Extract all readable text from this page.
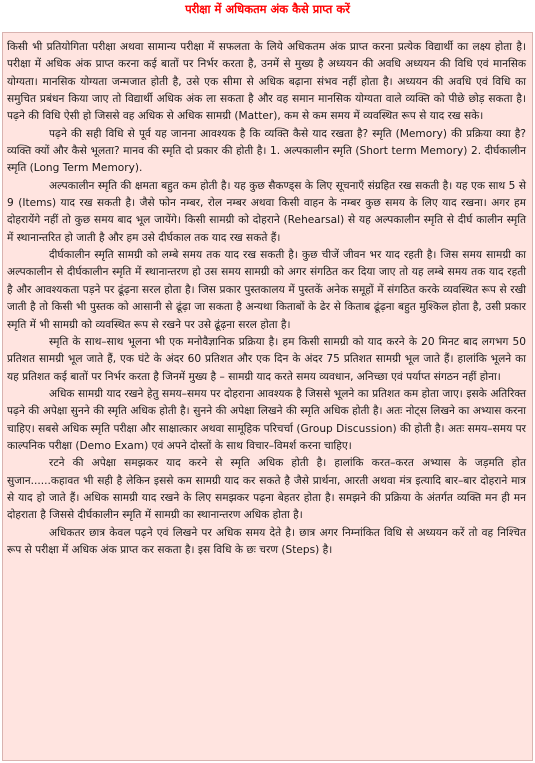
परीक्षा में अधिकतम अंक कैसे प्राप्त करें

किसी भी प्रतियोगिता परीक्षा अथवा सामान्य परीक्षा में सफलता के लिये अधिकतम अंक प्राप्त करना प्रत्येक विद्यार्थी का लक्ष्य होता है। परीक्षा में अधिक अंक प्राप्त करना कई बातों पर निर्भर करता है, उनमें से मुख्य है अध्ययन की अवधि अध्ययन की विधि एवं मानसिक योग्यता। मानसिक योग्यता जन्मजात होती है, उसे एक सीमा से अधिक बढ़ाना संभव नहीं होता है। अध्ययन की अवधि एवं विधि का समुचित प्रबंधन किया जाए तो विद्यार्थी अधिक अंक ला सकता है और वह समान मानसिक योग्यता वाले व्यक्ति को पीछे छोड़ सकता है। पढ़ने की विधि ऐसी हो जिससे वह अधिक से अधिक सामग्री (Matter), कम से कम समय में व्यवस्थित रूप से याद रख सके।

पढ़ने की सही विधि से पूर्व यह जानना आवश्यक है कि व्यक्ति कैसे याद रखता है? स्मृति (Memory) की प्रक्रिया क्या है? व्यक्ति क्यों और कैसे भूलता? मानव की स्मृति दो प्रकार की होती है। 1. अल्पकालीन स्मृति (Short term Memory) 2. दीर्घकालीन स्मृति (Long Term Memory).

अल्पकालीन स्मृति की क्षमता बहुत कम होती है। यह कुछ सैकण्ड्स के लिए सूचनाएँ संग्रहित रख सकती है। यह एक साथ 5 से 9 (Items) याद रख सकती है। जैसे फोन नम्बर, रोल नम्बर अथवा किसी वाहन के नम्बर कुछ समय के लिए याद रखना। अगर हम दोहरायेंगे नहीं तो कुछ समय बाद भूल जायेंगे। किसी सामग्री को दोहराने (Rehearsal) से यह अल्पकालीन स्मृति से दीर्घ कालीन स्मृति में स्थानान्तरित हो जाती है और हम उसे दीर्घकाल तक याद रख सकते हैं।

दीर्घकालीन स्मृति सामग्री को लम्बे समय तक याद रख सकती है। कुछ चीजें जीवन भर याद रहती है। जिस समय सामग्री का अल्पकालीन से दीर्घकालीन स्मृति में स्थानान्तरण हो उस समय सामग्री को अगर संगठित कर दिया जाए तो यह लम्बे समय तक याद रहती है और आवश्यकता पड़ने पर ढूंढ़ना सरल होता है। जिस प्रकार पुस्तकालय में पुस्तकें अनेक समूहों में संगठित करके व्यवस्थित रूप से रखी जाती है तो किसी भी पुस्तक को आसानी से ढूंढ़ा जा सकता है अन्यथा किताबों के ढेर से किताब ढूंढ़ना बहुत मुश्किल होता है, उसी प्रकार स्मृति में भी सामग्री को व्यवस्थित रूप से रखने पर उसे ढूंढ़ना सरल होता है।

स्मृति के साथ–साथ भूलना भी एक मनोवैज्ञानिक प्रक्रिया है। हम किसी सामग्री को याद करने के 20 मिनट बाद लगभग 50 प्रतिशत सामग्री भूल जाते हैं, एक घंटे के अंदर 60 प्रतिशत और एक दिन के अंदर 75 प्रतिशत सामग्री भूल जाते हैं। हालांकि भूलने का यह प्रतिशत कई बातों पर निर्भर करता है जिनमें मुख्य है – सामग्री याद करते समय व्यवधान, अनिच्छा एवं पर्याप्त संगठन नहीं होना।

अधिक सामग्री याद रखने हेतु समय–समय पर दोहराना आवश्यक है जिससे भूलने का प्रतिशत कम होता जाए। इसके अतिरिक्त पढ़ने की अपेक्षा सुनने की स्मृति अधिक होती है। सुनने की अपेक्षा लिखने की स्मृति अधिक होती है। अतः नोट्स लिखने का अभ्यास करना चाहिए। सबसे अधिक स्मृति परीक्षा और साक्षात्कार अथवा सामूहिक परिचर्चा (Group Discussion) की होती है। अतः समय–समय पर काल्पनिक परीक्षा (Demo Exam) एवं अपने दोस्तों के साथ विचार–विमर्श करना चाहिए।

रटने की अपेक्षा समझकर याद करने से स्मृति अधिक होती है। हालांकि करत–करत अभ्यास के जड़मति होत सुजान......कहावत भी सही है लेकिन इससे कम सामग्री याद कर सकते है जैसे प्रार्थना, आरती अथवा मंत्र इत्यादि बार–बार दोहराने मात्र से याद हो जाते हैं। अधिक सामग्री याद रखने के लिए समझकर पढ़ना बेहतर होता है। समझने की प्रक्रिया के अंतर्गत व्यक्ति मन ही मन दोहराता है जिससे दीर्घकालीन स्मृति में सामग्री का स्थानान्तरण अधिक होता है।

अधिकतर छात्र केवल पढ़ने एवं लिखने पर अधिक समय देते है। छात्र अगर निम्नांकित विधि से अध्ययन करें तो वह निश्चित रूप से परीक्षा में अधिक अंक प्राप्त कर सकता है। इस विधि के छः चरण (Steps) है।
